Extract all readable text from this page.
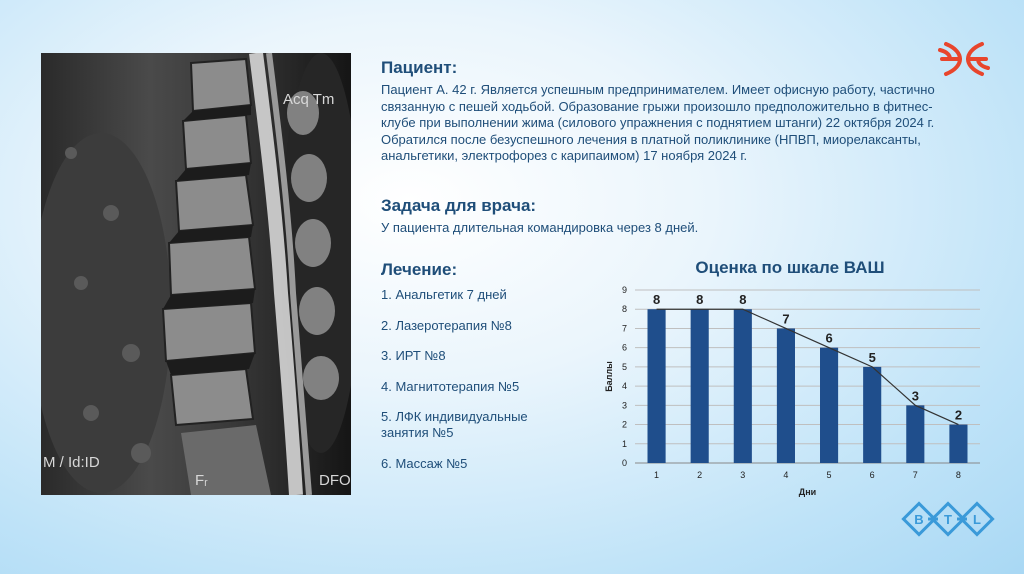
Acq Tm
M / Id:ID
Fᵣ	DFO
Пациент:

Пациент А. 42 г. Является успешным предпринимателем. Имеет офисную работу, частично связанную с пешей ходьбой. Образование грыжи произошло предположительно в фитнес-клубе при выполнении жима (силового упражнения с поднятием штанги) 22 октября 2024 г. Обратился после безуспешного лечения в платной поликлинике (НПВП, миорелаксанты, анальгетики, электрофорез с карипаимом) 17 ноября 2024 г.

Задача для врача:

У пациента длительная командировка через 8 дней.

Лечение:
1. Анальгетик 7 дней
2. Лазеротерапия №8
3. ИРТ №8
4. Магнитотерапия №5
5. ЛФК индивидуальные занятия №5
6. Массаж №5
Оценка по шкале ВАШ
0
1
2
3
4
5
6
7
8
9
8
1
8
2
8
3
7
4
6
5
5
6
3
7
2
8
Дни
Баллы
B T L
